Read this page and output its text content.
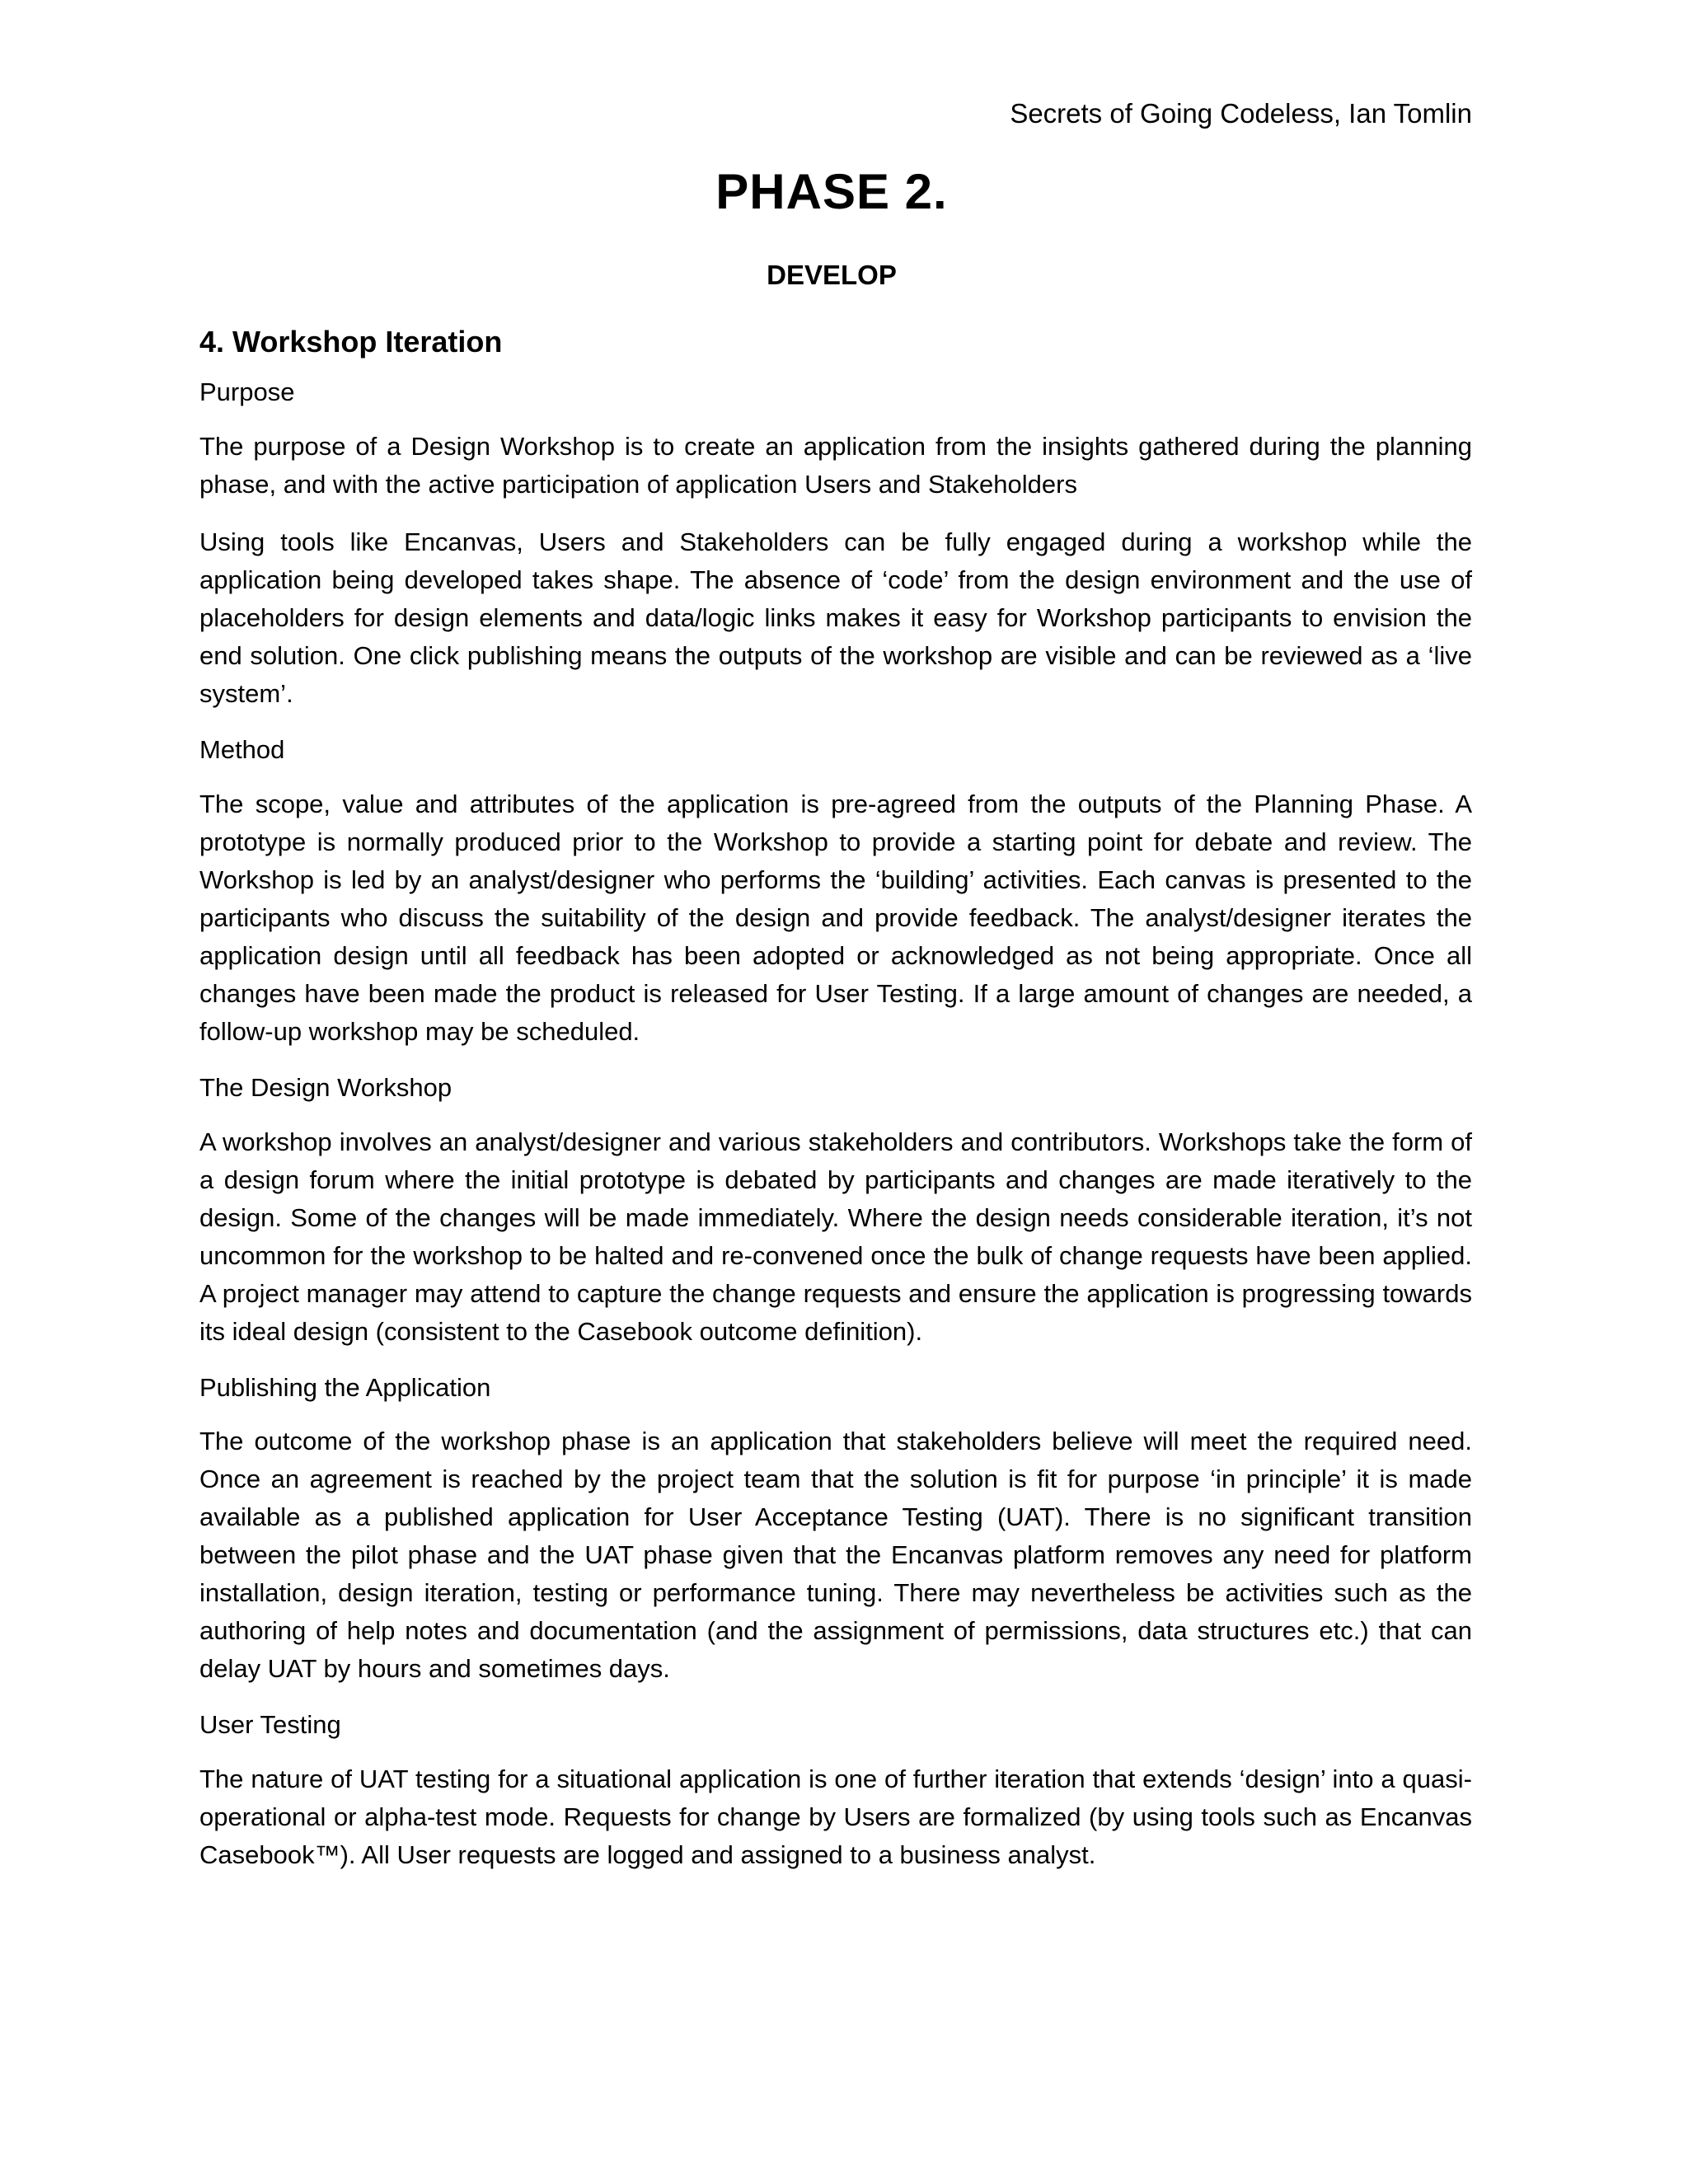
Secrets of Going Codeless, Ian Tomlin
PHASE 2.
DEVELOP
4. Workshop Iteration
Purpose

The purpose of a Design Workshop is to create an application from the insights gathered during the planning phase, and with the active participation of application Users and Stakeholders

Using tools like Encanvas, Users and Stakeholders can be fully engaged during a workshop while the application being developed takes shape. The absence of ‘code’ from the design environment and the use of placeholders for design elements and data/logic links makes it easy for Workshop participants to envision the end solution. One click publishing means the outputs of the workshop are visible and can be reviewed as a ‘live system’.

Method

The scope, value and attributes of the application is pre-agreed from the outputs of the Planning Phase. A prototype is normally produced prior to the Workshop to provide a starting point for debate and review. The Workshop is led by an analyst/designer who performs the ‘building’ activities. Each canvas is presented to the participants who discuss the suitability of the design and provide feedback. The analyst/designer iterates the application design until all feedback has been adopted or acknowledged as not being appropriate. Once all changes have been made the product is released for User Testing. If a large amount of changes are needed, a follow-up workshop may be scheduled.

The Design Workshop

A workshop involves an analyst/designer and various stakeholders and contributors. Workshops take the form of a design forum where the initial prototype is debated by participants and changes are made iteratively to the design. Some of the changes will be made immediately. Where the design needs considerable iteration, it’s not uncommon for the workshop to be halted and re-convened once the bulk of change requests have been applied. A project manager may attend to capture the change requests and ensure the application is progressing towards its ideal design (consistent to the Casebook outcome definition).

Publishing the Application

The outcome of the workshop phase is an application that stakeholders believe will meet the required need. Once an agreement is reached by the project team that the solution is fit for purpose ‘in principle’ it is made available as a published application for User Acceptance Testing (UAT). There is no significant transition between the pilot phase and the UAT phase given that the Encanvas platform removes any need for platform installation, design iteration, testing or performance tuning. There may nevertheless be activities such as the authoring of help notes and documentation (and the assignment of permissions, data structures etc.) that can delay UAT by hours and sometimes days.

User Testing

The nature of UAT testing for a situational application is one of further iteration that extends ‘design’ into a quasi-operational or alpha-test mode. Requests for change by Users are formalized (by using tools such as Encanvas Casebook™). All User requests are logged and assigned to a business analyst.
